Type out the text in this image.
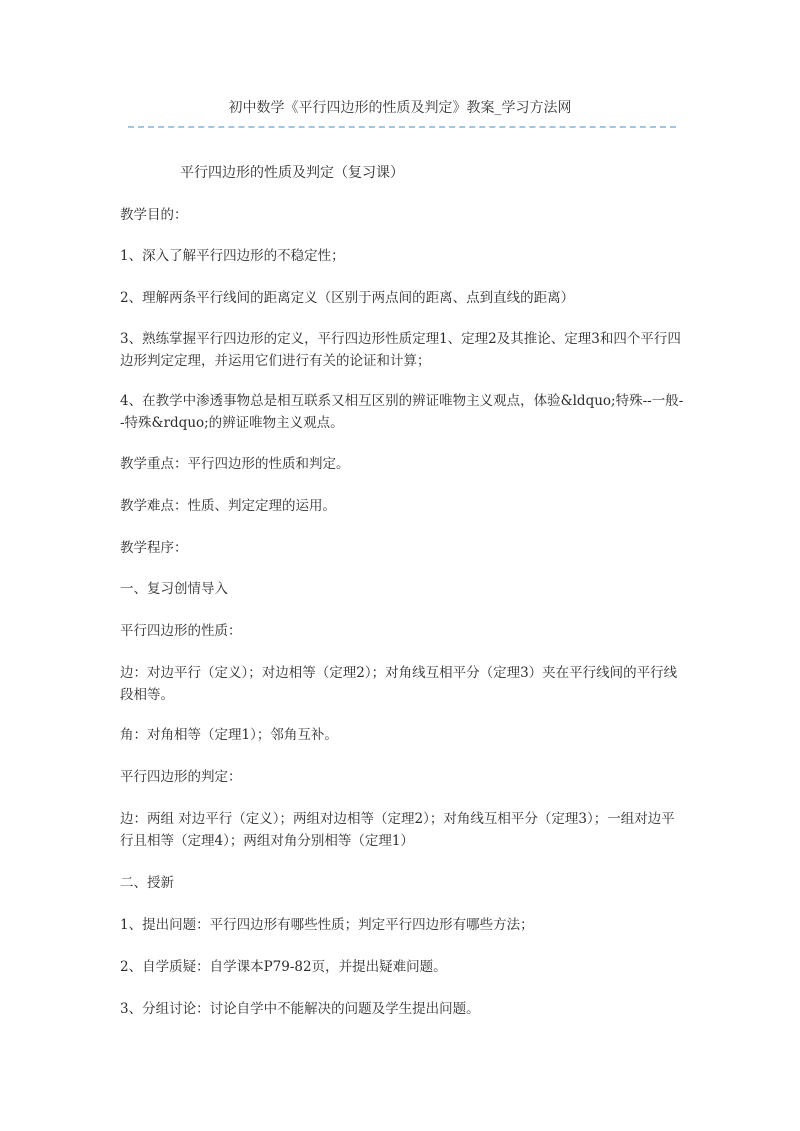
初中数学《平行四边形的性质及判定》教案_学习方法网
平行四边形的性质及判定（复习课）
教学目的：
1、深入了解平行四边形的不稳定性；
2、理解两条平行线间的距离定义（区别于两点间的距离、点到直线的距离）
3、熟练掌握平行四边形的定义，平行四边形性质定理1、定理2及其推论、定理3和四个平行四边形判定定理，并运用它们进行有关的论证和计算；
4、在教学中渗透事物总是相互联系又相互区别的辨证唯物主义观点，体验&ldquo;特殊--一般--特殊&rdquo;的辨证唯物主义观点。
教学重点：平行四边形的性质和判定。
教学难点：性质、判定定理的运用。
教学程序：
一、复习创情导入
平行四边形的性质：
边：对边平行（定义）；对边相等（定理2）；对角线互相平分（定理3）夹在平行线间的平行线段相等。
角：对角相等（定理1）；邻角互补。
平行四边形的判定：
边：两组 对边平行（定义）；两组对边相等（定理2）；对角线互相平分（定理3）；一组对边平行且相等（定理4）；两组对角分别相等（定理1）
二、授新
1、提出问题：平行四边形有哪些性质；判定平行四边形有哪些方法；
2、自学质疑：自学课本P79-82页，并提出疑难问题。
3、分组讨论：讨论自学中不能解决的问题及学生提出问题。
